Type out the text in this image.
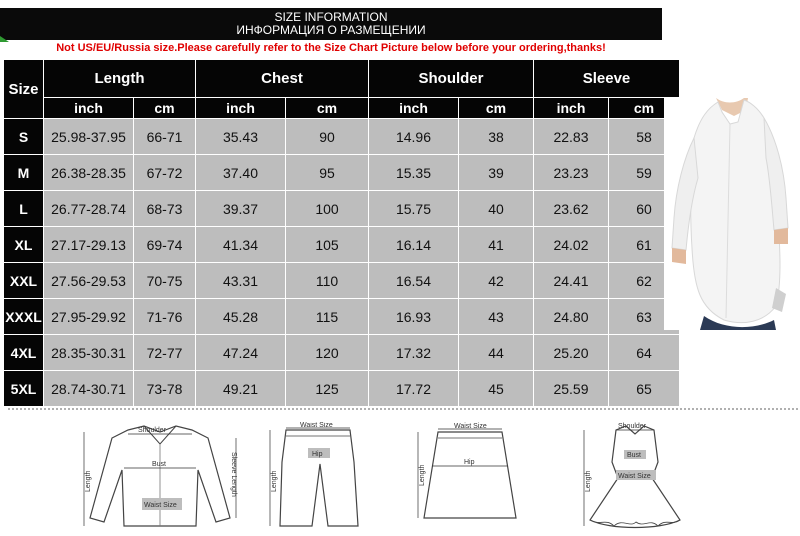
SIZE INFORMATION
ИНФОРМАЦИЯ О РАЗМЕЩЕНИИ
Not US/EU/Russia size.Please carefully refer to the Size Chart Picture below before your ordering,thanks!
Size	Length		Chest		Shoulder		Sleeve	
	inch	cm	inch	cm	inch	cm	inch	cm
S	25.98-37.95	66-71	35.43	90	14.96	38	22.83	58
M	26.38-28.35	67-72	37.40	95	15.35	39	23.23	59
L	26.77-28.74	68-73	39.37	100	15.75	40	23.62	60
XL	27.17-29.13	69-74	41.34	105	16.14	41	24.02	61
XXL	27.56-29.53	70-75	43.31	110	16.54	42	24.41	62
XXXL	27.95-29.92	71-76	45.28	115	16.93	43	24.80	63
4XL	28.35-30.31	72-77	47.24	120	17.32	44	25.20	64
5XL	28.74-30.71	73-78	49.21	125	17.72	45	25.59	65
Shoulder
Bust
Waist Size
Length	Sleeve Length
Waist Size
Hip
Length
Waist Size
Hip
Length
Shoulder
Bust
Waist Size
Length
